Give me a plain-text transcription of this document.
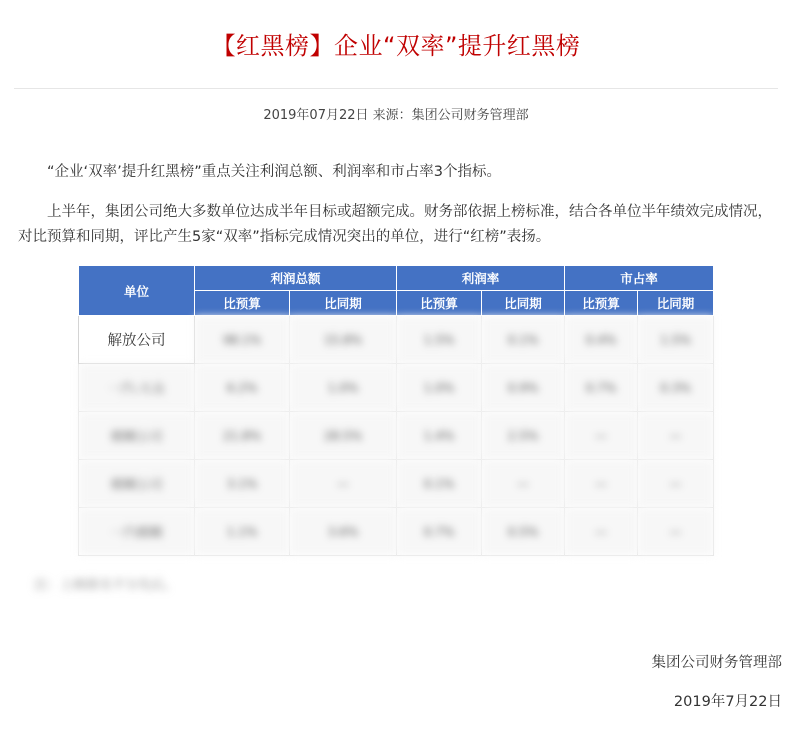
【红黑榜】企业“双率”提升红黑榜
2019年07月22日 来源：集团公司财务管理部

“企业‘双率’提升红黑榜”重点关注利润总额、利润率和市占率3个指标。

上半年，集团公司绝大多数单位达成半年目标或超额完成。财务部依据上榜标准，结合各单位半年绩效完成情况，对比预算和同期，评比产生5家“双率”指标完成情况突出的单位，进行“红榜”表扬。

单位	利润总额		利润率		市占率	
	比预算	比同期	比预算	比同期	比预算	比同期
解放公司	98.1%	15.8%	1.5%	0.1%	0.4%	1.5%
一汽-大众	6.2%	1.0%	1.0%	0.9%	0.7%	0.3%
模糊公司	21.8%	28.5%	1.4%	2.5%	—	—
模糊公司	3.1%	—	0.1%	—	—	—
一汽模糊	1.1%	3.6%	0.7%	0.5%	—	—
注：上榜排名不分先后。
集团公司财务管理部
2019年7月22日
